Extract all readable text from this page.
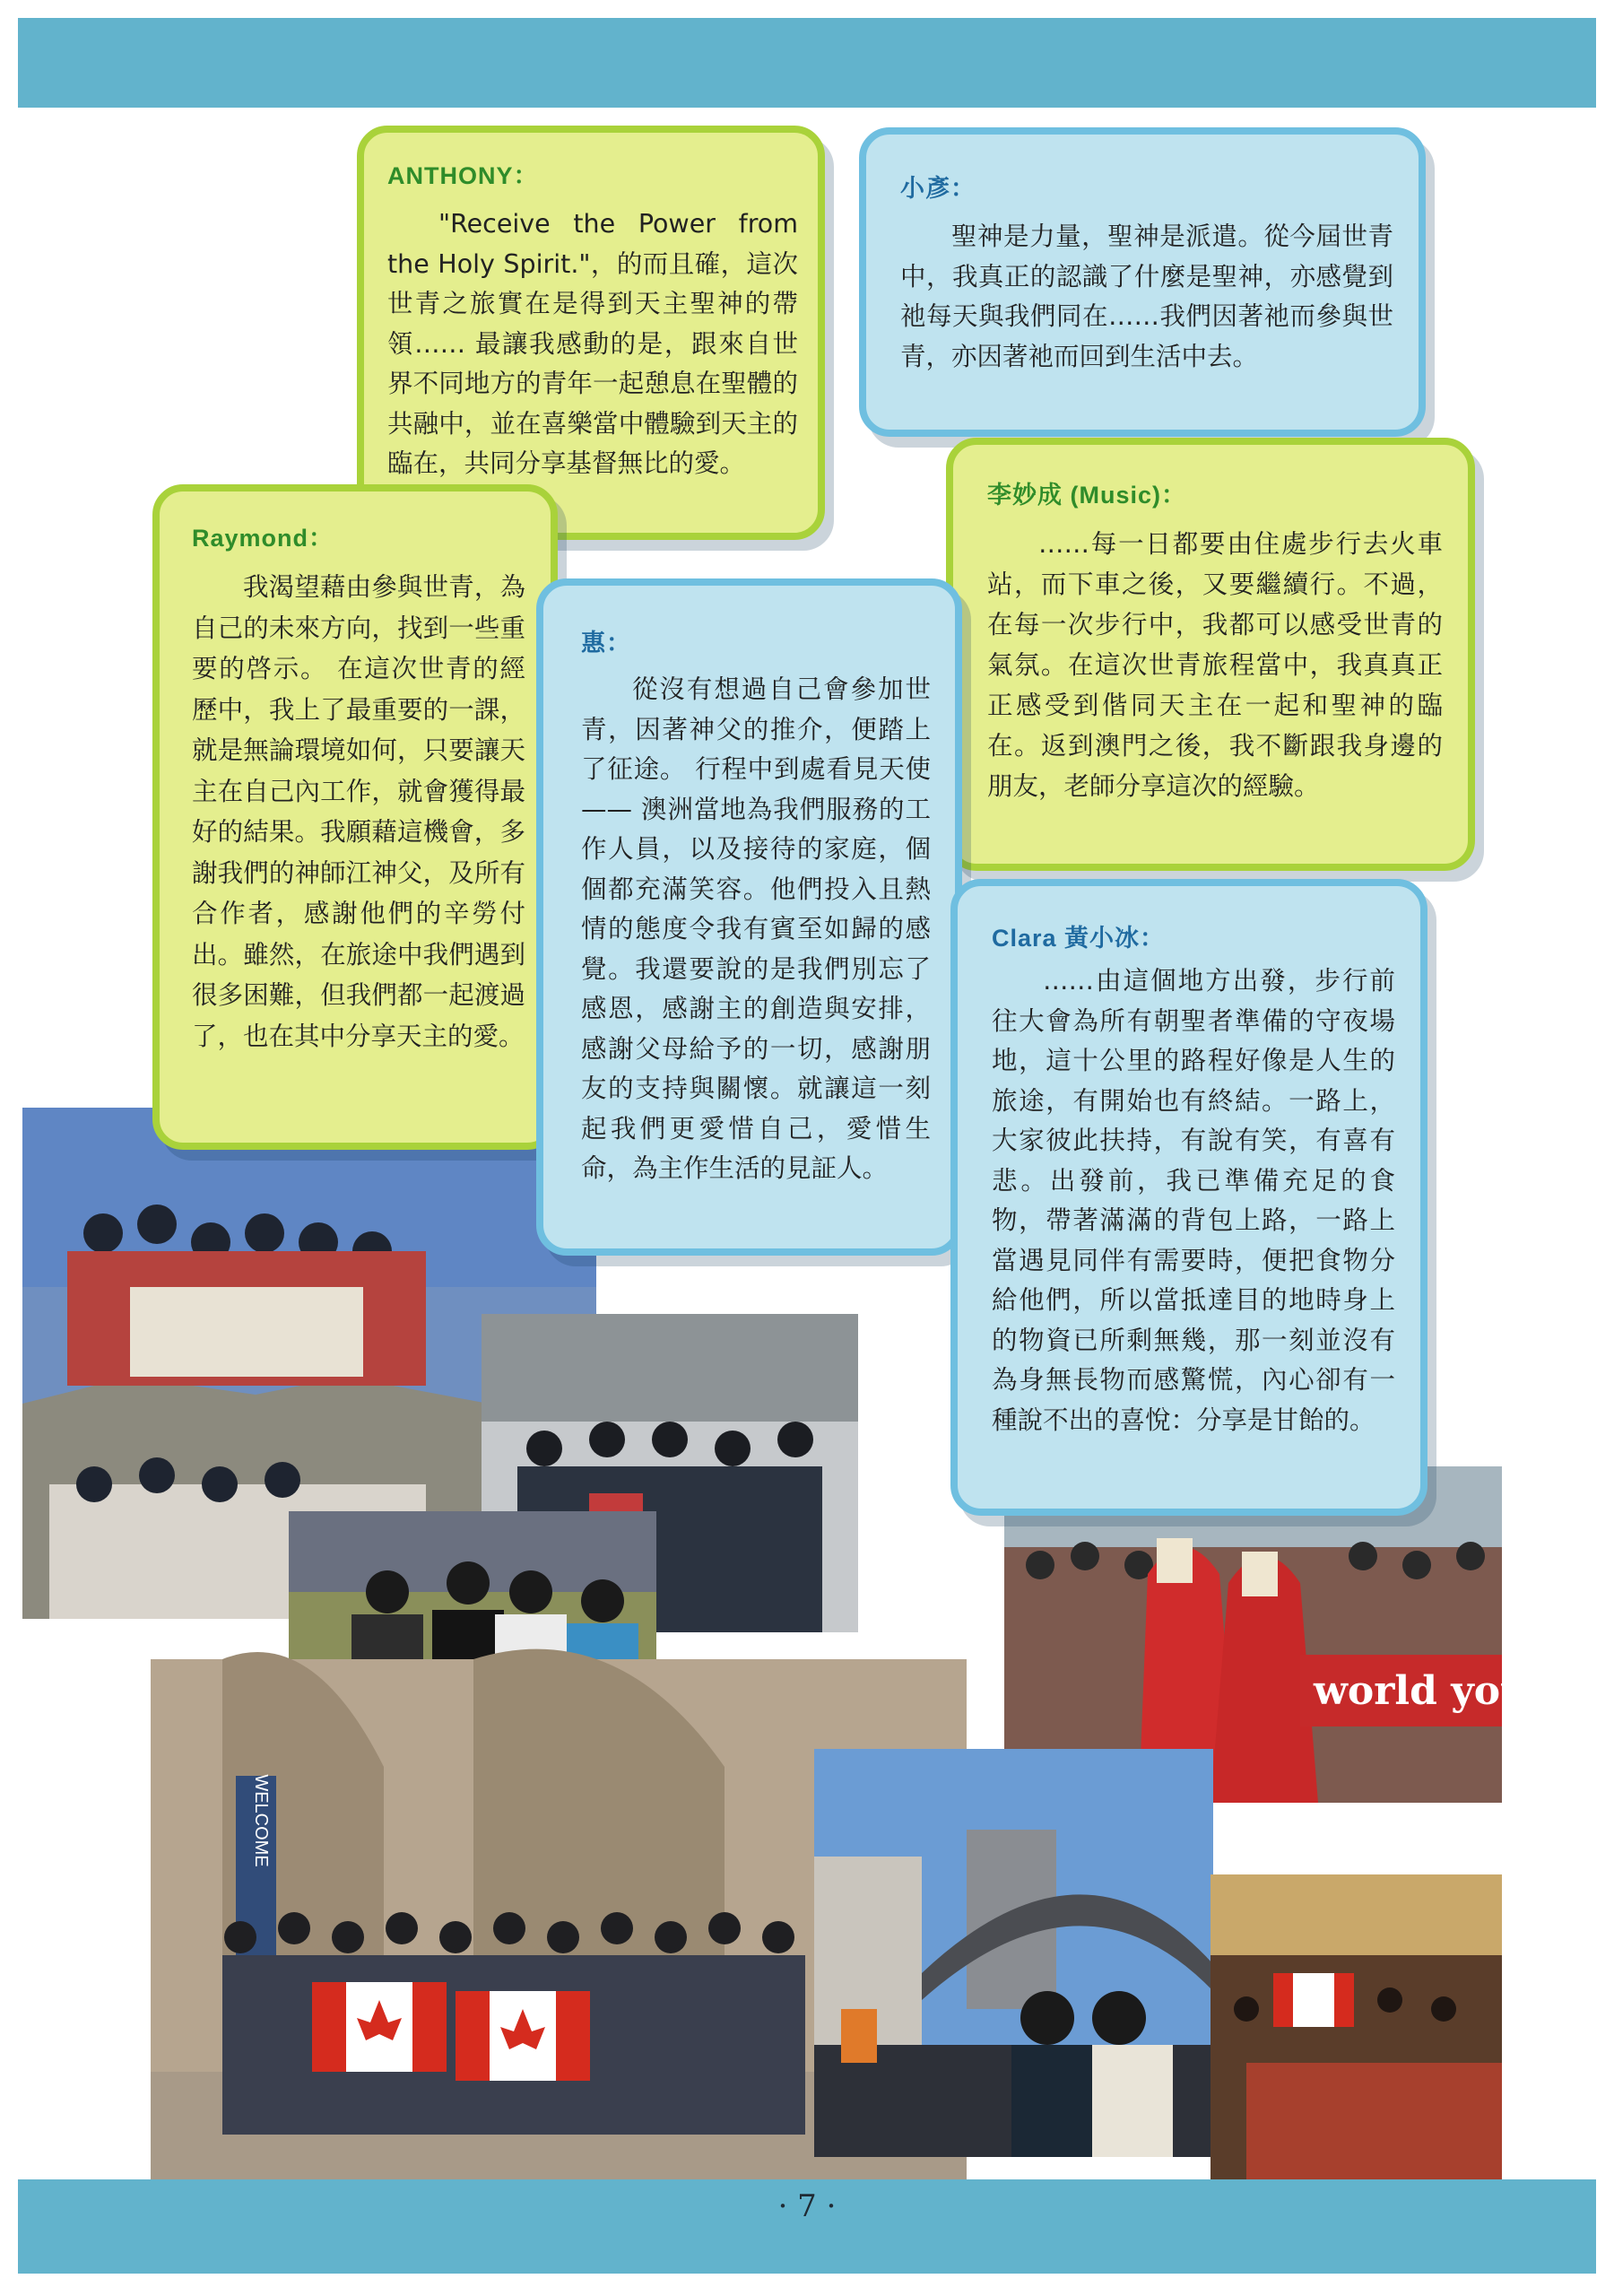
WELCOME
world you
ANTHONY：
"Receive the Power from the Holy Spirit."，的而且確，這次世青之旅實在是得到天主聖神的帶領…… 最讓我感動的是，跟來自世界不同地方的青年一起憩息在聖體的共融中，並在喜樂當中體驗到天主的臨在，共同分享基督無比的愛。
小彥：
聖神是力量，聖神是派遣。從今屆世青中，我真正的認識了什麼是聖神，亦感覺到祂每天與我們同在……我們因著祂而參與世青，亦因著祂而回到生活中去。
Raymond：
我渴望藉由參與世青，為自己的未來方向，找到一些重要的啓示。 在這次世青的經歷中，我上了最重要的一課，就是無論環境如何，只要讓天主在自己內工作，就會獲得最好的結果。我願藉這機會，多謝我們的神師江神父，及所有合作者，感謝他們的辛勞付出。雖然，在旅途中我們遇到很多困難，但我們都一起渡過了，也在其中分享天主的愛。
李妙成 (Music)：
……每一日都要由住處步行去火車站，而下車之後，又要繼續行。不過，在每一次步行中，我都可以感受世青的氣氛。在這次世青旅程當中，我真真正正感受到偕同天主在一起和聖神的臨在。返到澳門之後，我不斷跟我身邊的朋友，老師分享這次的經驗。
惠：
從沒有想過自己會參加世青，因著神父的推介，便踏上了征途。 行程中到處看見天使 —— 澳洲當地為我們服務的工作人員，以及接待的家庭，個個都充滿笑容。他們投入且熱情的態度令我有賓至如歸的感覺。我還要說的是我們別忘了感恩，感謝主的創造與安排，感謝父母給予的一切，感謝朋友的支持與關懷。就讓這一刻起我們更愛惜自己，愛惜生命，為主作生活的見証人。
Clara 黃小冰：
……由這個地方出發，步行前往大會為所有朝聖者準備的守夜場地，這十公里的路程好像是人生的旅途，有開始也有終結。一路上，大家彼此扶持，有說有笑，有喜有悲。出發前，我已準備充足的食物，帶著滿滿的背包上路，一路上當遇見同伴有需要時，便把食物分給他們，所以當抵達目的地時身上的物資已所剩無幾，那一刻並沒有為身無長物而感驚慌，內心卻有一種說不出的喜悅：分享是甘飴的。
· 7 ·
